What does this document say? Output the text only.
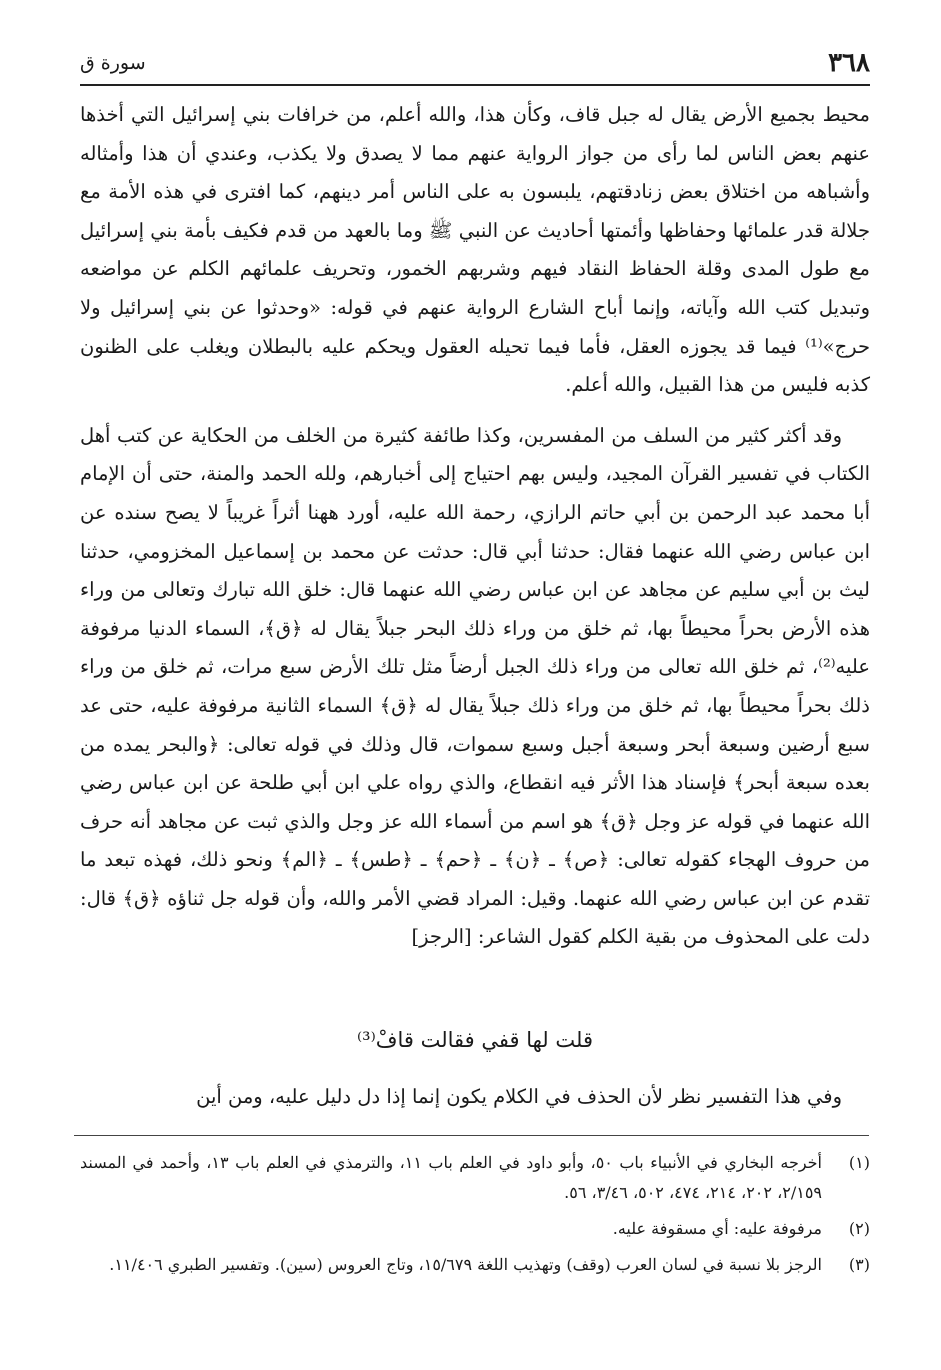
٣٦٨
سورة ق

محيط بجميع الأرض يقال له جبل قاف، وكأن هذا، والله أعلم، من خرافات بني إسرائيل التي أخذها عنهم بعض الناس لما رأى من جواز الرواية عنهم مما لا يصدق ولا يكذب، وعندي أن هذا وأمثاله وأشباهه من اختلاق بعض زنادقتهم، يلبسون به على الناس أمر دينهم، كما افترى في هذه الأمة مع جلالة قدر علمائها وحفاظها وأئمتها أحاديث عن النبي ﷺ وما بالعهد من قدم فكيف بأمة بني إسرائيل مع طول المدى وقلة الحفاظ النقاد فيهم وشربهم الخمور، وتحريف علمائهم الكلم عن مواضعه وتبديل كتب الله وآياته، وإنما أباح الشارع الرواية عنهم في قوله: «وحدثوا عن بني إسرائيل ولا حرج»⁽¹⁾ فيما قد يجوزه العقل، فأما فيما تحيله العقول ويحكم عليه بالبطلان ويغلب على الظنون كذبه فليس من هذا القبيل، والله أعلم.

وقد أكثر كثير من السلف من المفسرين، وكذا طائفة كثيرة من الخلف من الحكاية عن كتب أهل الكتاب في تفسير القرآن المجيد، وليس بهم احتياج إلى أخبارهم، ولله الحمد والمنة، حتى أن الإمام أبا محمد عبد الرحمن بن أبي حاتم الرازي، رحمة الله عليه، أورد ههنا أثراً غريباً لا يصح سنده عن ابن عباس رضي الله عنهما فقال: حدثنا أبي قال: حدثت عن محمد بن إسماعيل المخزومي، حدثنا ليث بن أبي سليم عن مجاهد عن ابن عباس رضي الله عنهما قال: خلق الله تبارك وتعالى من وراء هذه الأرض بحراً محيطاً بها، ثم خلق من وراء ذلك البحر جبلاً يقال له ﴿ق﴾، السماء الدنيا مرفوفة عليه⁽²⁾، ثم خلق الله تعالى من وراء ذلك الجبل أرضاً مثل تلك الأرض سبع مرات، ثم خلق من وراء ذلك بحراً محيطاً بها، ثم خلق من وراء ذلك جبلاً يقال له ﴿ق﴾ السماء الثانية مرفوفة عليه، حتى عد سبع أرضين وسبعة أبحر وسبعة أجبل وسبع سموات، قال وذلك في قوله تعالى: ﴿والبحر يمده من بعده سبعة أبحر﴾ فإسناد هذا الأثر فيه انقطاع، والذي رواه علي ابن أبي طلحة عن ابن عباس رضي الله عنهما في قوله عز وجل ﴿ق﴾ هو اسم من أسماء الله عز وجل والذي ثبت عن مجاهد أنه حرف من حروف الهجاء كقوله تعالى: ﴿ص﴾ ـ ﴿ن﴾ ـ ﴿حم﴾ ـ ﴿طس﴾ ـ ﴿الم﴾ ونحو ذلك، فهذه تبعد ما تقدم عن ابن عباس رضي الله عنهما. وقيل: المراد قضي الأمر والله، وأن قوله جل ثناؤه ﴿ق﴾ قال: دلت على المحذوف من بقية الكلم كقول الشاعر: [الرجز]

قلت لها قفي فقالت قافْ⁽³⁾
وفي هذا التفسير نظر لأن الحذف في الكلام يكون إنما إذا دل دليل عليه، ومن أين
(١)
أخرجه البخاري في الأنبياء باب ٥٠، وأبو داود في العلم باب ١١، والترمذي في العلم باب ١٣، وأحمد في المسند ٢/١٥٩، ٢٠٢، ٢١٤، ٤٧٤، ٥٠٢، ٣/٤٦، ٥٦.
(٢)
مرفوفة عليه: أي مسقوفة عليه.
(٣)
الرجز بلا نسبة في لسان العرب (وقف) وتهذيب اللغة ١٥/٦٧٩، وتاج العروس (سين). وتفسير الطبري ١١/٤٠٦.
